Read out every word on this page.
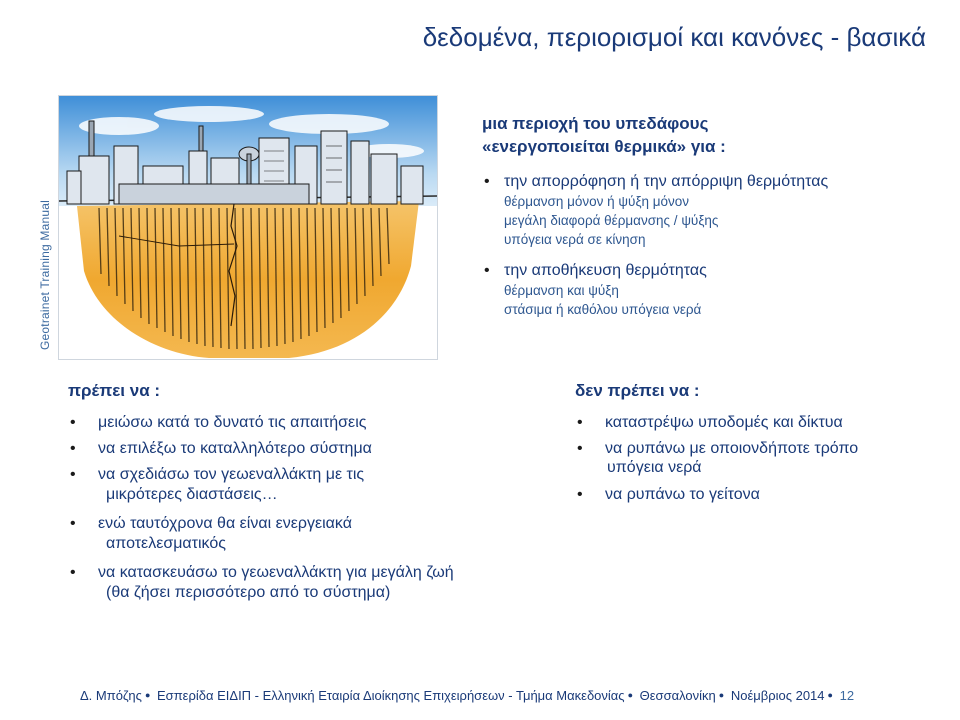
δεδομένα, περιορισμοί και κανόνες - βασικά
Geotrainet Training Manual
μια περιοχή του υπεδάφους
«ενεργοποιείται θερμικά» για :
• την απορρόφηση ή την απόρριψη θερμότητας
θέρμανση μόνον ή ψύξη μόνον
μεγάλη διαφορά θέρμανσης / ψύξης
υπόγεια νερά σε κίνηση
• την αποθήκευση θερμότητας
θέρμανση και ψύξη
στάσιμα ή καθόλου υπόγεια νερά
πρέπει να :
• μειώσω κατά το δυνατό τις απαιτήσεις
• να επιλέξω το καταλληλότερο σύστημα
• να σχεδιάσω τον γεωεναλλάκτη με τις
μικρότερες διαστάσεις…
• ενώ ταυτόχρονα θα είναι ενεργειακά
αποτελεσματικός
• να κατασκευάσω το γεωεναλλάκτη για μεγάλη ζωή
(θα ζήσει περισσότερο από το σύστημα)
δεν πρέπει να :
• καταστρέψω υποδομές και δίκτυα
• να ρυπάνω με οποιονδήποτε τρόπο
υπόγεια νερά
• να ρυπάνω το γείτονα
Δ. Μπόζης ● Εσπερίδα ΕΙΔΙΠ - Ελληνική Εταιρία Διοίκησης Επιχειρήσεων - Τμήμα Μακεδονίας ● Θεσσαλονίκη ● Νοέμβριος 2014 ● 12
